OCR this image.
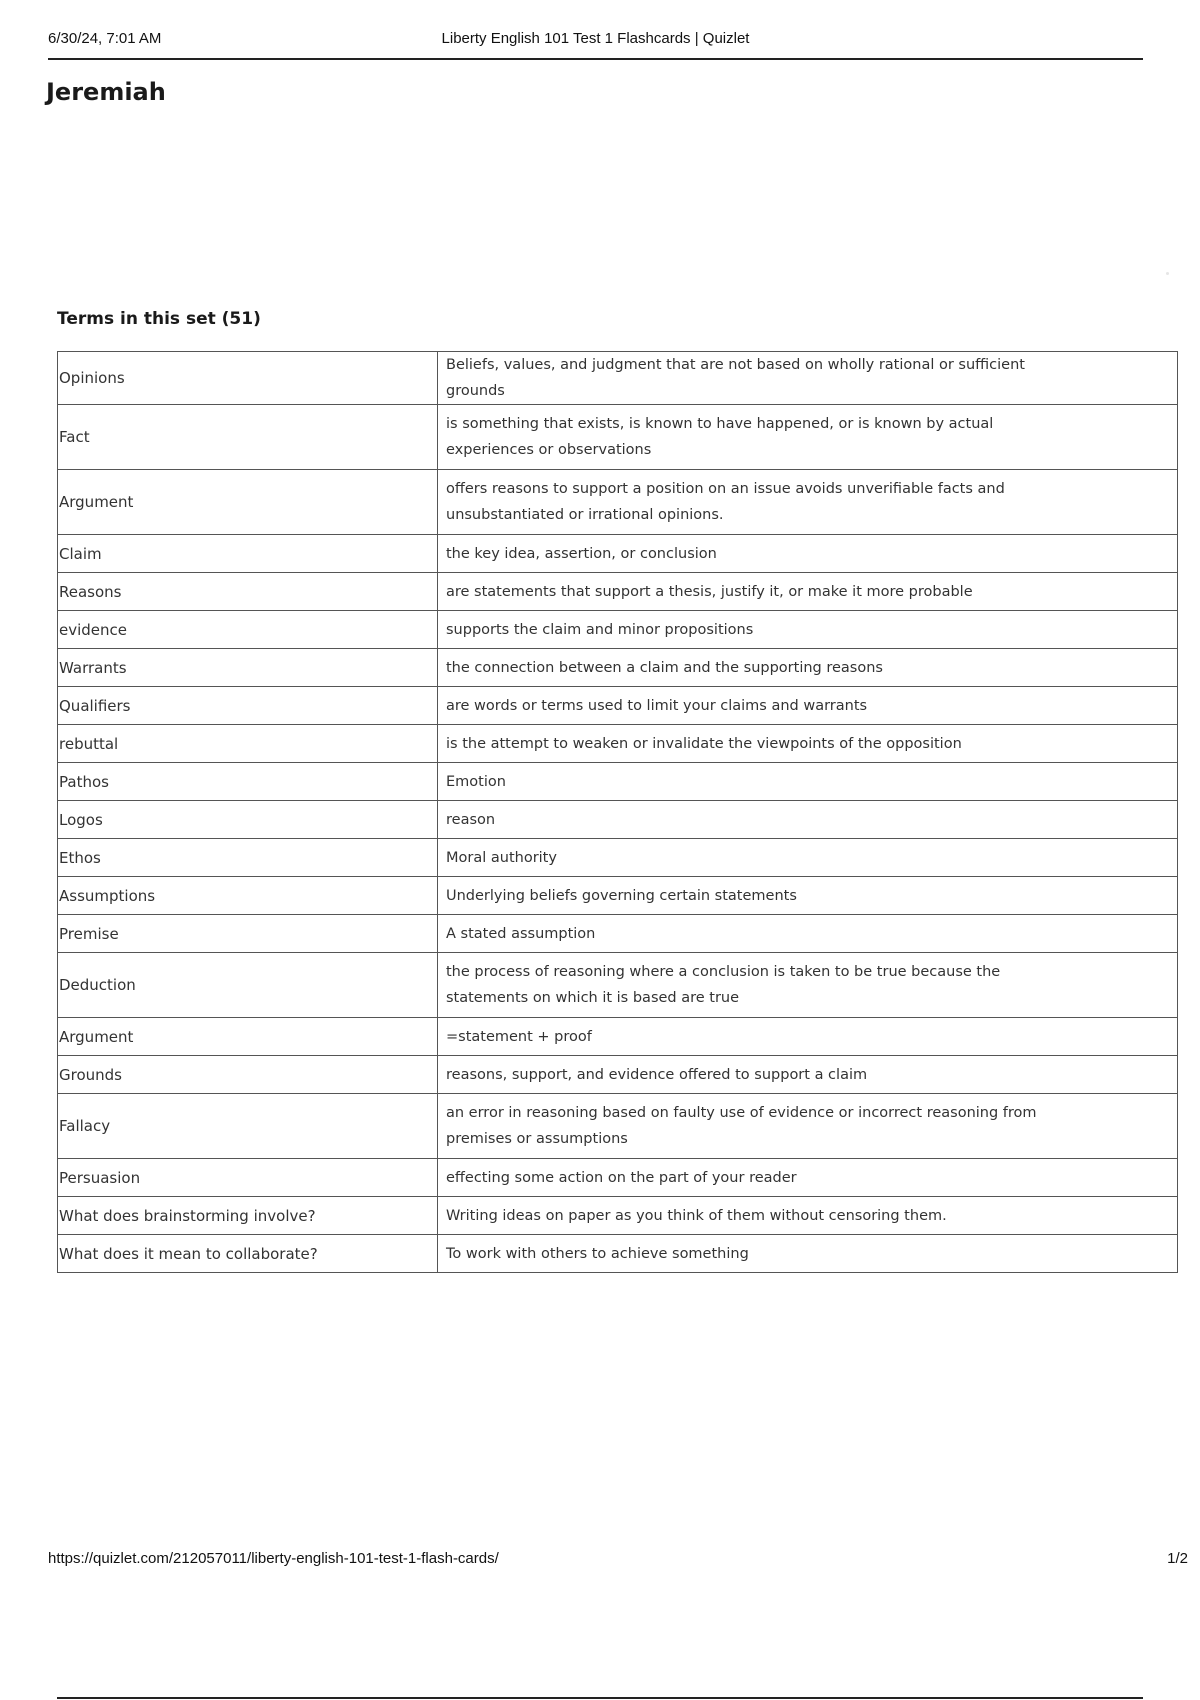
6/30/24, 7:01 AM	Liberty English 101 Test 1 Flashcards | Quizlet
Jeremiah
Terms in this set (51)
Opinions	Beliefs, values, and judgment that are not based on wholly rational or sufficient grounds
Fact	is something that exists, is known to have happened, or is known by actual experiences or observations
Argument	offers reasons to support a position on an issue avoids unverifiable facts and unsubstantiated or irrational opinions.
Claim	the key idea, assertion, or conclusion
Reasons	are statements that support a thesis, justify it, or make it more probable
evidence	supports the claim and minor propositions
Warrants	the connection between a claim and the supporting reasons
Qualifiers	are words or terms used to limit your claims and warrants
rebuttal	is the attempt to weaken or invalidate the viewpoints of the opposition
Pathos	Emotion
Logos	reason
Ethos	Moral authority
Assumptions	Underlying beliefs governing certain statements
Premise	A stated assumption
Deduction	the process of reasoning where a conclusion is taken to be true because the statements on which it is based are true
Argument	=statement + proof
Grounds	reasons, support, and evidence offered to support a claim
Fallacy	an error in reasoning based on faulty use of evidence or incorrect reasoning from premises or assumptions
Persuasion	effecting some action on the part of your reader
What does brainstorming involve?	Writing ideas on paper as you think of them without censoring them.
What does it mean to collaborate?	To work with others to achieve something
https://quizlet.com/212057011/liberty-english-101-test-1-flash-cards/	1/2
